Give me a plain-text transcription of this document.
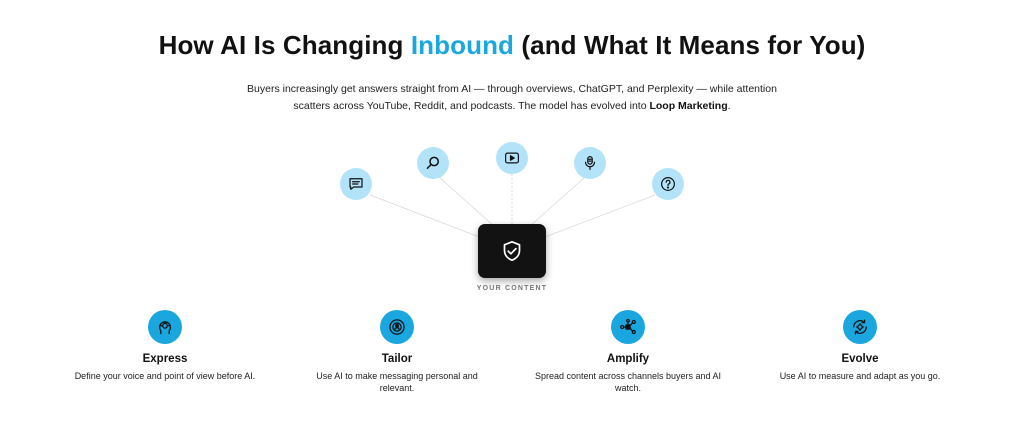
How AI Is Changing Inbound (and What It Means for You)

Buyers increasingly get answers straight from AI — through overviews, ChatGPT, and Perplexity — while attention scatters across YouTube, Reddit, and podcasts. The model has evolved into Loop Marketing.

YOUR CONTENT
Express
Define your voice and point of view before AI.
Tailor
Use AI to make messaging personal and relevant.
Amplify
Spread content across channels buyers and AI watch.
Evolve
Use AI to measure and adapt as you go.
